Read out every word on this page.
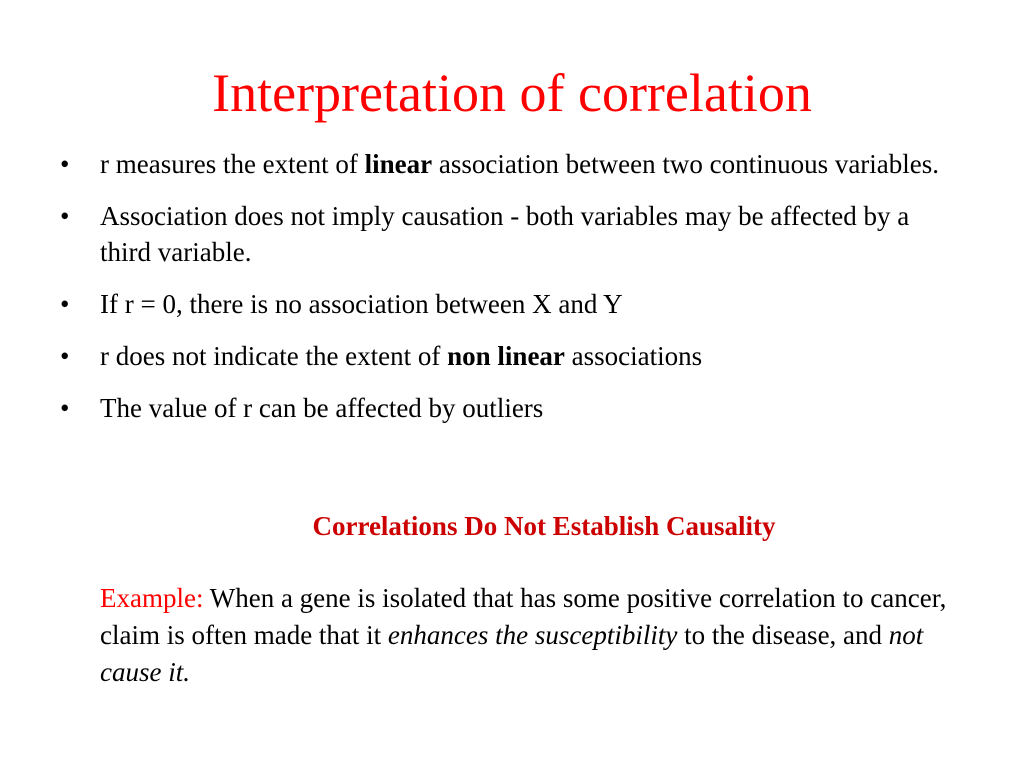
Interpretation of correlation
•	r measures the extent of linear association between two continuous variables.
•	Association does not imply causation - both variables may be affected by a third variable.
•	If r = 0, there is no association between X and Y
•	r does not indicate the extent of non linear associations
•	The value of r can be affected by outliers
Correlations Do Not Establish Causality
Example: When a gene is isolated that has some positive correlation to cancer, claim is often made that it enhances the susceptibility to the disease, and not cause it.
